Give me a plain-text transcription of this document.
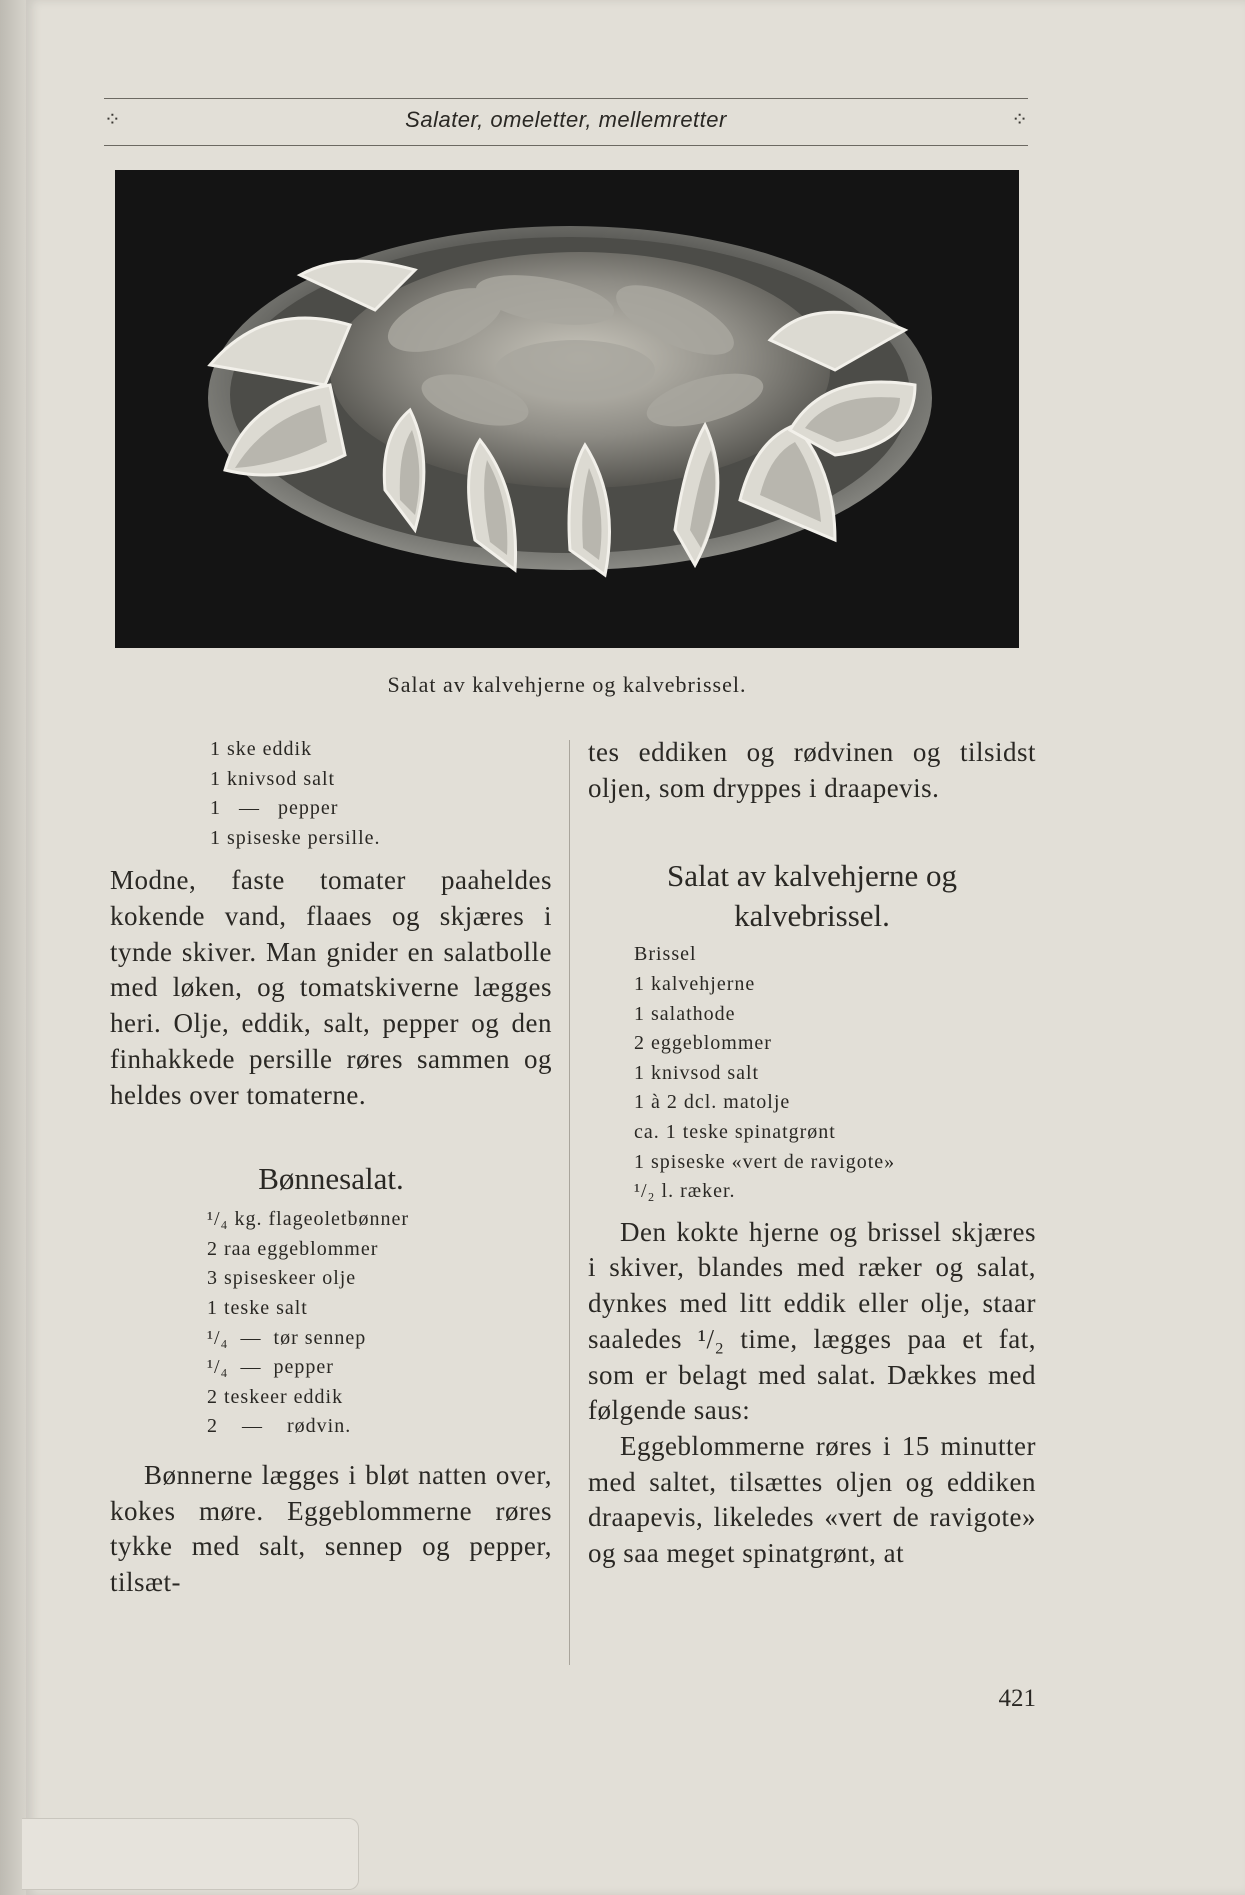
⁘	Salater, omeletter, mellemretter	⁘
Salat av kalvehjerne og kalvebrissel.
1 ske eddik
1 knivsod salt
1   —   pepper
1 spiseske persille.

Modne, faste tomater paaheldes kokende vand, flaaes og skjæres i tynde skiver. Man gnider en salatbolle med løken, og tomatskiverne lægges heri. Olje, eddik, salt, pepper og den finhakkede persille røres sammen og heldes over tomaterne.

Bønnesalat.
¹/₄ kg. flageoletbønner
2 raa eggeblommer
3 spiseskeer olje
1 teske salt
¹/₄  —  tør sennep
¹/₄  —  pepper
2 teskeer eddik
2    —    rødvin.

Bønnerne lægges i bløt natten over, kokes møre. Eggeblommerne røres tykke med salt, sennep og pepper, tilsæt-

tes eddiken og rødvinen og tilsidst oljen, som dryppes i draapevis.

Salat av kalvehjerne og kalvebrissel.
Brissel
1 kalvehjerne
1 salathode
2 eggeblommer
1 knivsod salt
1 à 2 dcl. matolje
ca. 1 teske spinatgrønt
1 spiseske «vert de ravigote»
¹/₂ l. ræker.

Den kokte hjerne og brissel skjæres i skiver, blandes med ræker og salat, dynkes med litt eddik eller olje, staar saaledes ¹/₂ time, lægges paa et fat, som er belagt med salat. Dækkes med følgende saus:

Eggeblommerne røres i 15 minutter med saltet, tilsættes oljen og eddiken draapevis, likeledes «vert de ravigote» og saa meget spinatgrønt, at

421
